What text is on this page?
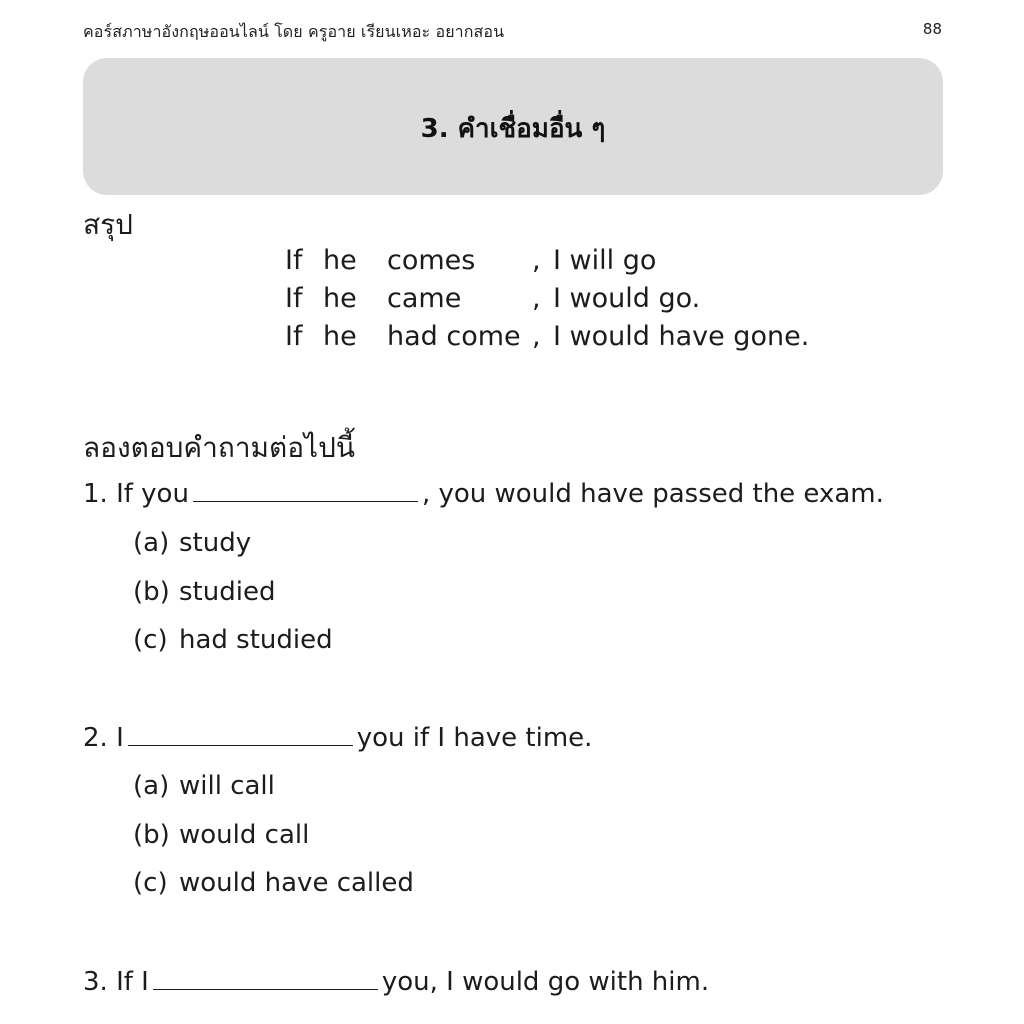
คอร์สภาษาอังกฤษออนไลน์ โดย ครูอาย เรียนเหอะ อยากสอน	88
3. คำเชื่อมอื่น ๆ
สรุป
If he comes , I will go
If he came	, I would go.
If he had come , I would have gone.
ลองตอบคำถามต่อไปนี้
1. If you	, you would have passed the exam.
(a) study
(b) studied
(c) had studied
2. I	you if I have time.
(a) will call
(b) would call
(c) would have called
3. If I	you, I would go with him.
